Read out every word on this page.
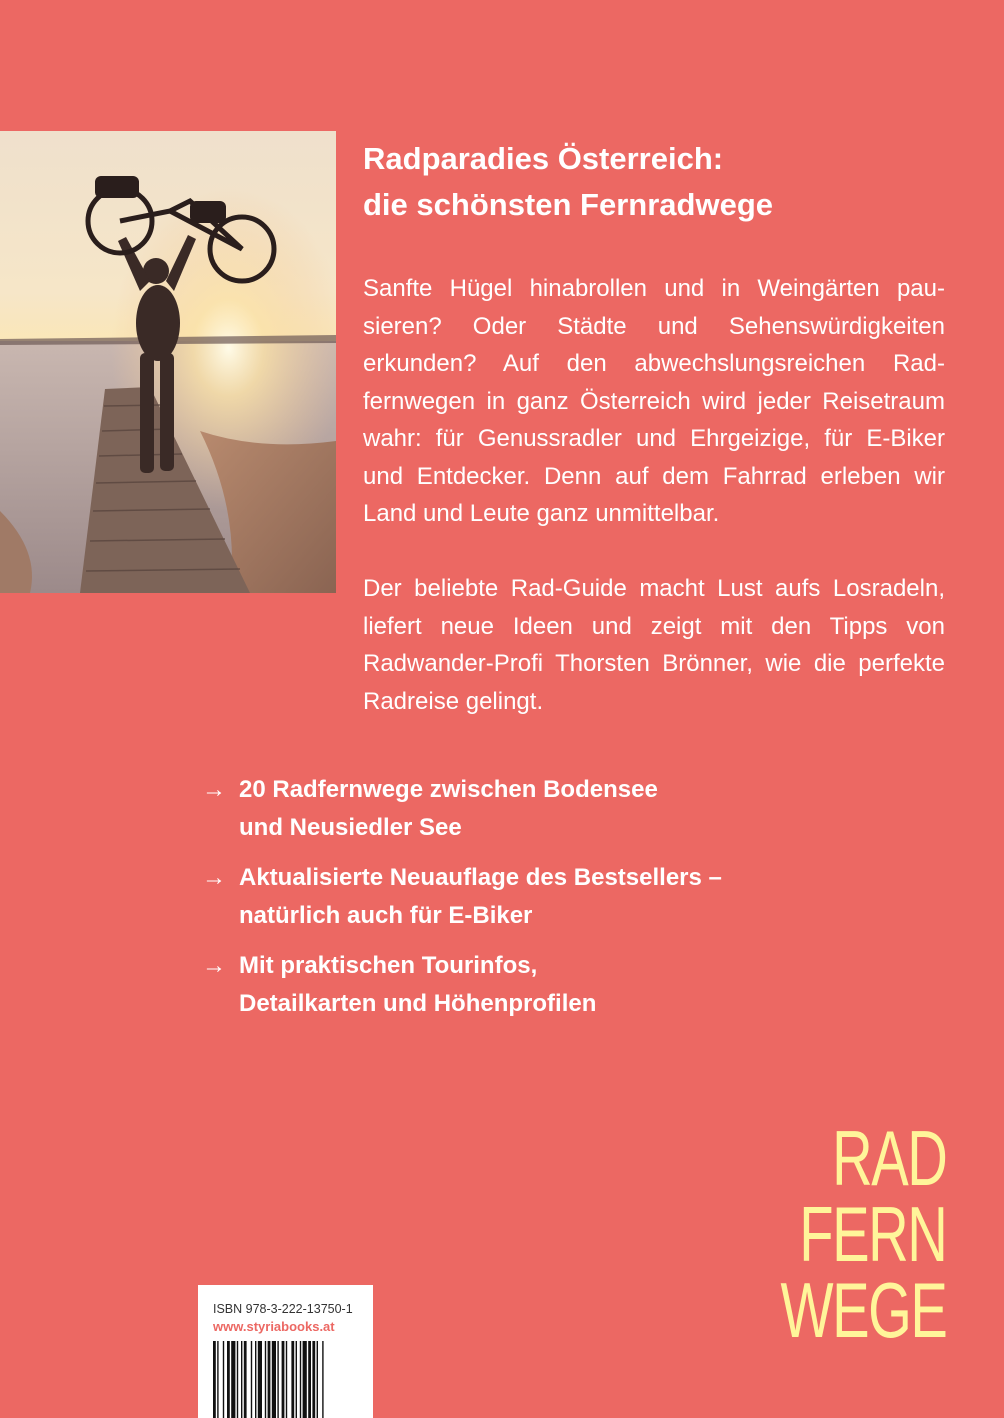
Radparadies Österreich:
die schönsten Fernradwege

Sanfte Hügel hinabrollen und in Weingärten pausieren? Oder Städte und Sehenswürdigkeiten erkunden? Auf den abwechslungsreichen Radfernwegen in ganz Österreich wird jeder Reisetraum wahr: für Genussradler und Ehrgeizige, für E-Biker und Entdecker. Denn auf dem Fahrrad erleben wir Land und Leute ganz unmittelbar.

Der beliebte Rad-Guide macht Lust aufs Losradeln, liefert neue Ideen und zeigt mit den Tipps von Radwander-Profi Thorsten Brönner, wie die perfekte Radreise gelingt.

→ 20 Radfernwege zwischen Bodensee
und Neusiedler See
→ Aktualisierte Neuauflage des Bestsellers –
natürlich auch für E-Biker
→ Mit praktischen Tourinfos,
Detailkarten und Höhenprofilen
RAD
FERN
WEGE
ISBN 978-3-222-13750-1
www.styriabooks.at
